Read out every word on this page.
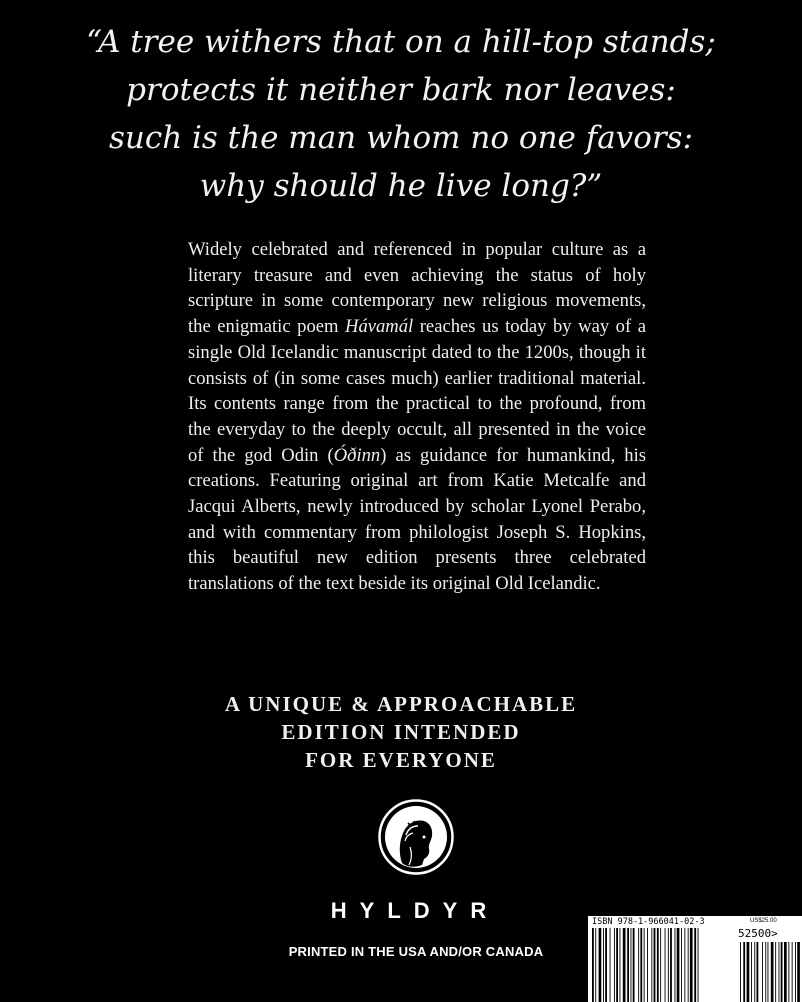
“A tree withers that on a hill-top stands;
protects it neither bark nor leaves:
such is the man whom no one favors:
why should he live long?”
Widely celebrated and referenced in popular culture as a literary treasure and even achieving the status of holy scripture in some contemporary new religious movements, the enigmatic poem Hávamál reaches us today by way of a single Old Icelandic manuscript dated to the 1200s, though it consists of (in some cases much) earlier traditional material. Its contents range from the practical to the profound, from the everyday to the deeply occult, all presented in the voice of the god Odin (Óðinn) as guidance for humankind, his creations. Featuring original art from Katie Metcalfe and Jacqui Alberts, newly introduced by scholar Lyonel Perabo, and with commentary from philologist Joseph S. Hopkins, this beautiful new edition presents three celebrated translations of the text beside its original Old Icelandic.
A UNIQUE & APPROACHABLE
EDITION INTENDED
FOR EVERYONE
HYLDYR
PRINTED IN THE USA AND/OR CANADA
ISBN 978-1-966041-02-3	US$25.00
52500>
